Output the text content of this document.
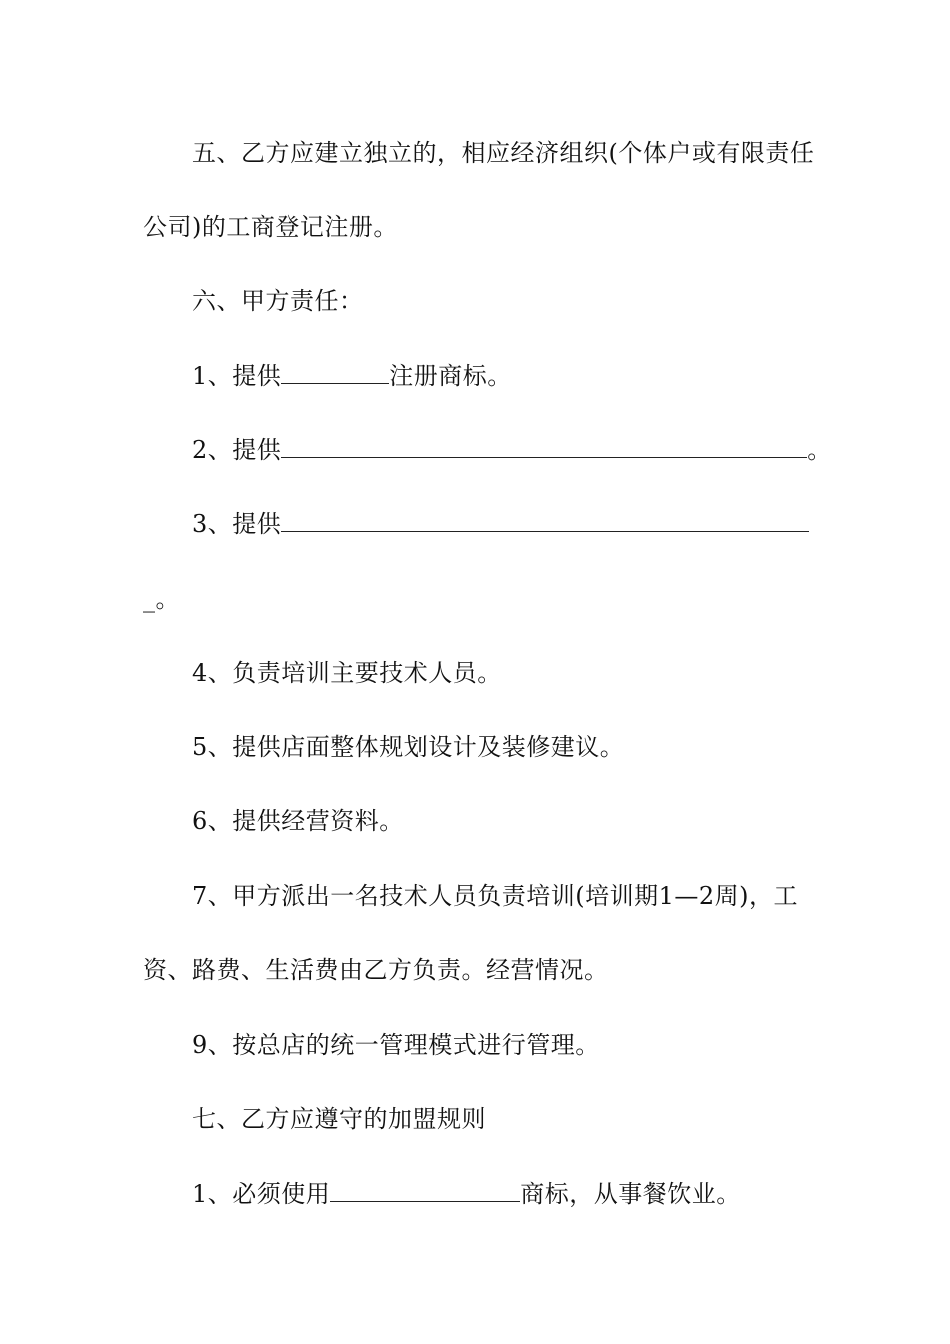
五、乙方应建立独立的，相应经济组织(个体户或有限责任
公司)的工商登记注册。
六、甲方责任：
1、提供	注册商标。
2、提供	。
3、提供
_。
4、负责培训主要技术人员。
5、提供店面整体规划设计及装修建议。
6、提供经营资料。
7、甲方派出一名技术人员负责培训(培训期1—2周)，工
资、路费、生活费由乙方负责。经营情况。
9、按总店的统一管理模式进行管理。
七、乙方应遵守的加盟规则
1、必须使用	商标，从事餐饮业。
